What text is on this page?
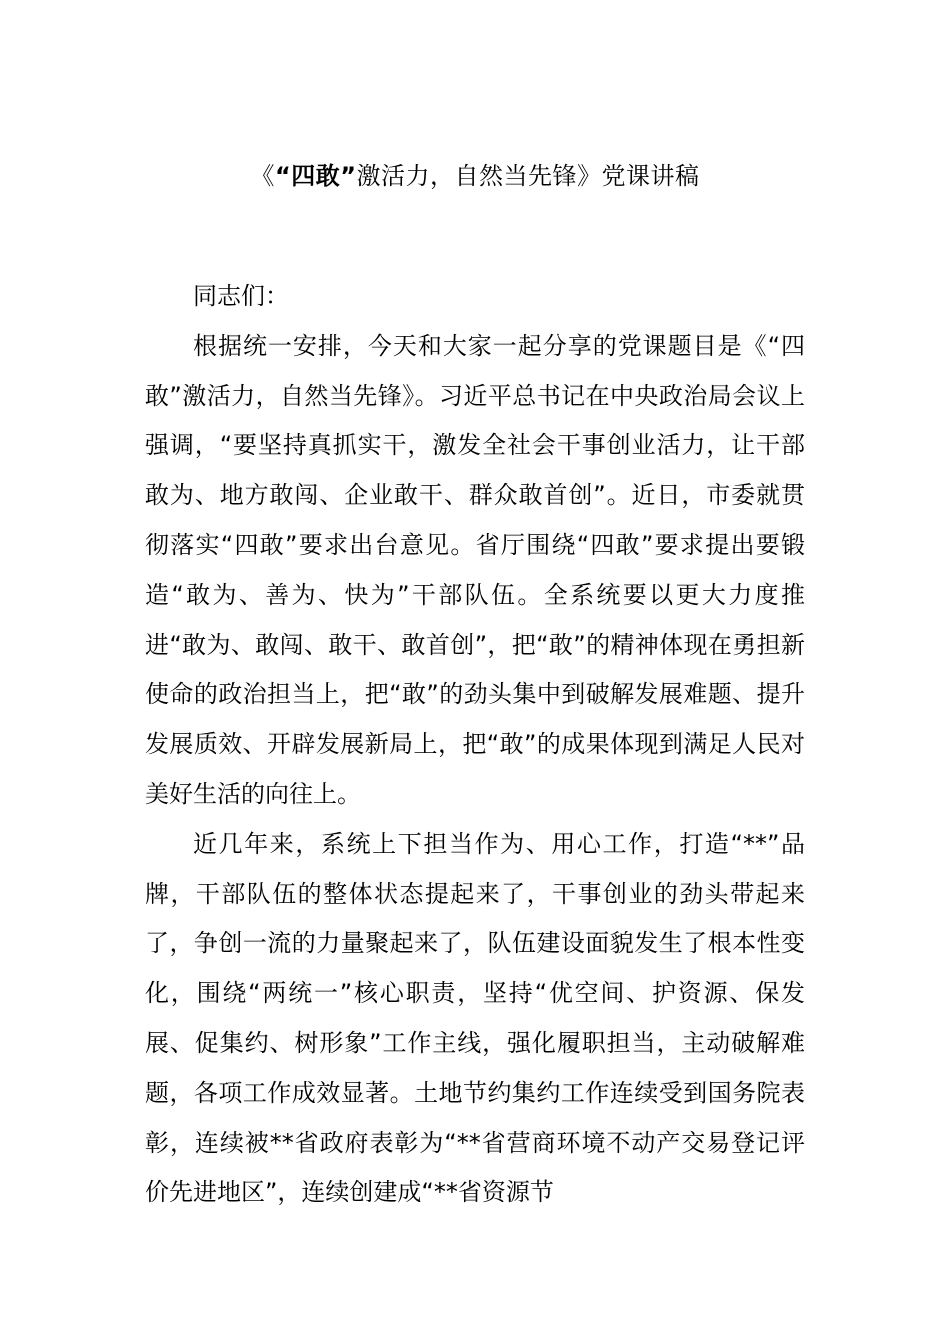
《“四敢”激活力，自然当先锋》党课讲稿

同志们：

根据统一安排，今天和大家一起分享的党课题目是《“四敢”激活力，自然当先锋》。习近平总书记在中央政治局会议上强调，“要坚持真抓实干，激发全社会干事创业活力，让干部敢为、地方敢闯、企业敢干、群众敢首创”。近日，市委就贯彻落实“四敢”要求出台意见。省厅围绕“四敢”要求提出要锻造“敢为、善为、快为”干部队伍。全系统要以更大力度推进“敢为、敢闯、敢干、敢首创”，把“敢”的精神体现在勇担新使命的政治担当上，把“敢”的劲头集中到破解发展难题、提升发展质效、开辟发展新局上，把“敢”的成果体现到满足人民对美好生活的向往上。

近几年来，系统上下担当作为、用心工作，打造“**”品牌，干部队伍的整体状态提起来了，干事创业的劲头带起来了，争创一流的力量聚起来了，队伍建设面貌发生了根本性变化，围绕“两统一”核心职责，坚持“优空间、护资源、保发展、促集约、树形象”工作主线，强化履职担当，主动破解难题，各项工作成效显著。土地节约集约工作连续受到国务院表彰，连续被**省政府表彰为“**省营商环境不动产交易登记评价先进地区”，连续创建成“**省资源节
